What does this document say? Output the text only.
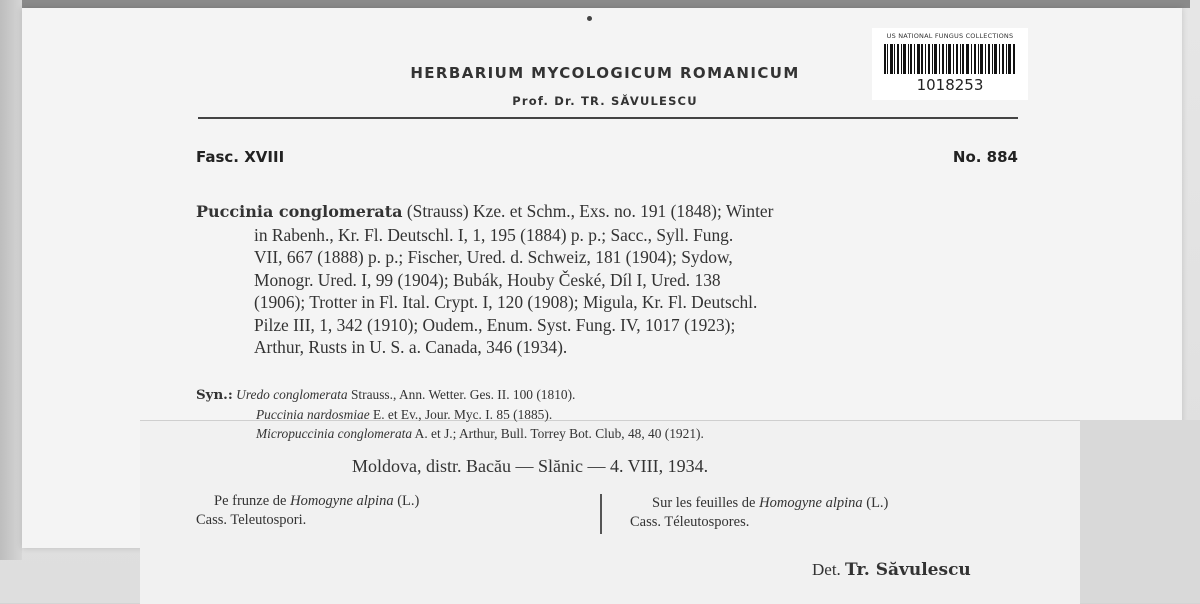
US NATIONAL FUNGUS COLLECTIONS
1018253
HERBARIUM MYCOLOGICUM ROMANICUM
Prof. Dr. TR. SĂVULESCU
Fasc. XVIII	No. 884
Puccinia conglomerata (Strauss) Kze. et Schm., Exs. no. 191 (1848); Winter
in Rabenh., Kr. Fl. Deutschl. I, 1, 195 (1884) p. p.; Sacc., Syll. Fung.
VII, 667 (1888) p. p.; Fischer, Ured. d. Schweiz, 181 (1904); Sydow,
Monogr. Ured. I, 99 (1904); Bubák, Houby České, Díl I, Ured. 138
(1906); Trotter in Fl. Ital. Crypt. I, 120 (1908); Migula, Kr. Fl. Deutschl.
Pilze III, 1, 342 (1910); Oudem., Enum. Syst. Fung. IV, 1017 (1923);
Arthur, Rusts in U. S. a. Canada, 346 (1934).
Syn.: Uredo conglomerata Strauss., Ann. Wetter. Ges. II. 100 (1810).
Puccinia nardosmiae E. et Ev., Jour. Myc. I. 85 (1885).
Micropuccinia conglomerata A. et J.; Arthur, Bull. Torrey Bot. Club, 48, 40 (1921).
Moldova, distr. Bacău — Slănic — 4. VIII, 1934.
Pe frunze de Homogyne alpina (L.)
Cass. Teleutospori.
Sur les feuilles de Homogyne alpina (L.)
Cass. Téleutospores.
Det. Tr. Săvulescu
